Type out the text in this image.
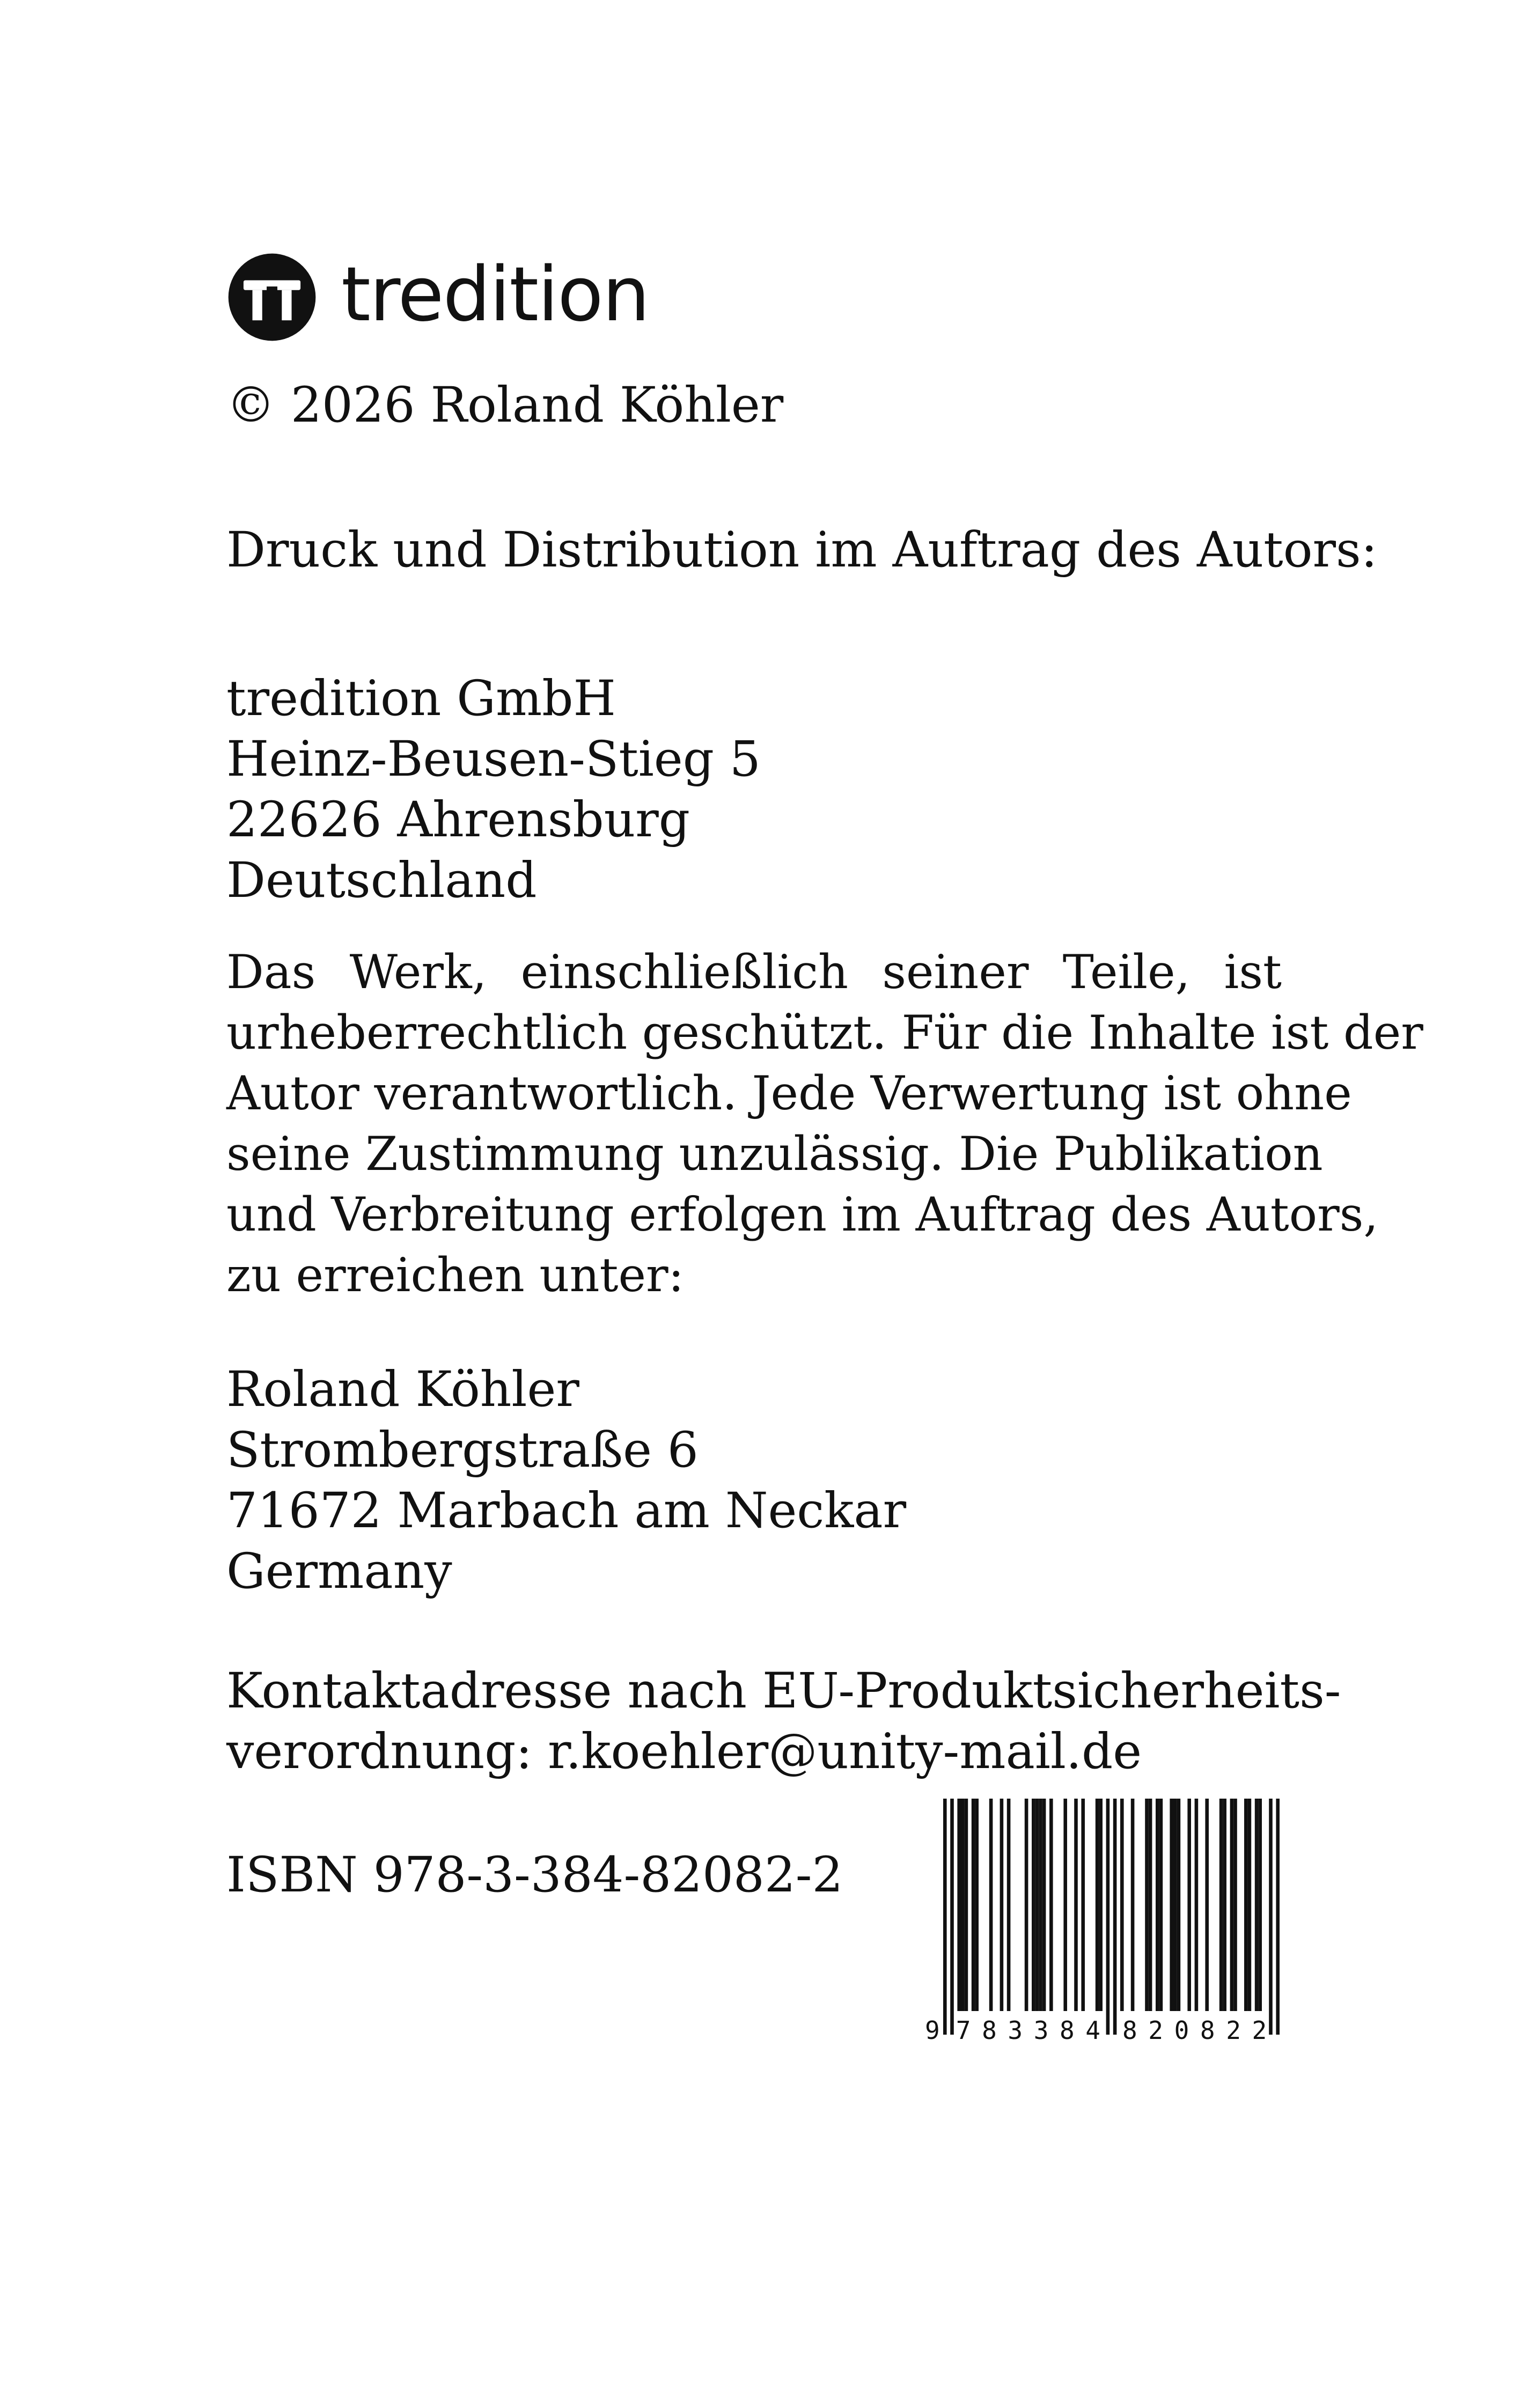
tredition
© 2026 Roland Köhler
Druck und Distribution im Auftrag des Autors:
tredition GmbH
Heinz-Beusen-Stieg 5
22626 Ahrensburg
Deutschland
Das Werk, einschließlich seiner Teile, ist
urheberrechtlich geschützt. Für die Inhalte ist der
Autor verantwortlich. Jede Verwertung ist ohne
seine Zustimmung unzulässig. Die Publikation
und Verbreitung erfolgen im Auftrag des Autors,
zu erreichen unter:
Roland Köhler
Strombergstraße 6
71672 Marbach am Neckar
Germany
Kontaktadresse nach EU-Produktsicherheits-
verordnung: r.koehler@unity-mail.de
ISBN 978-3-384-82082-2
9 783384 820822
